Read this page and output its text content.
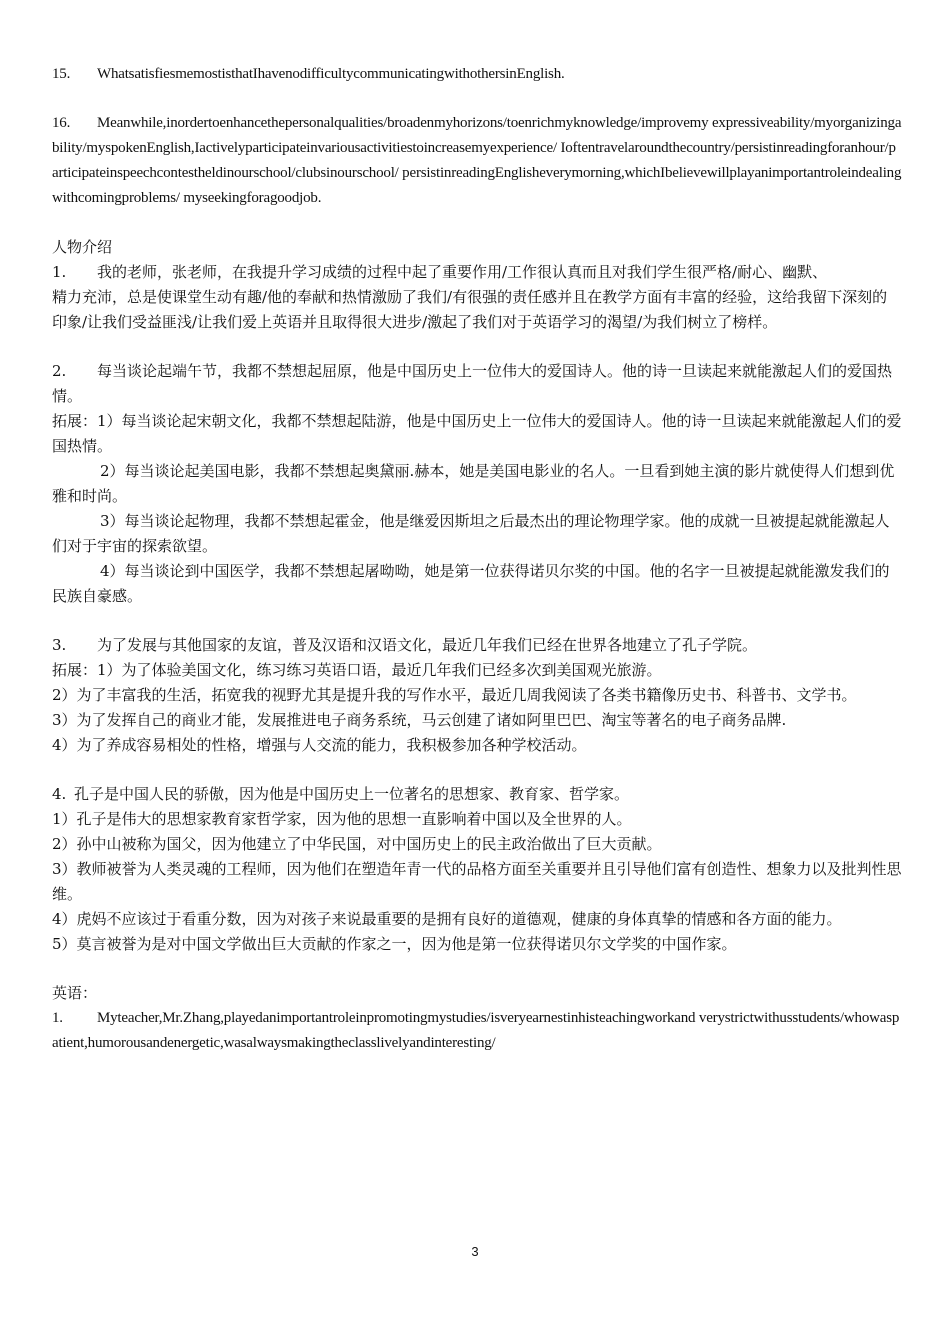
15. WhatsatisfiesmemostisthatIhavenodifficultycommunicatingwithothersinEnglish.

16. Meanwhile,inordertoenhancethepersonalqualities/broadenmyhorizons/toenrichmyknowledge/improvemy expressiveability/myorganizingability/myspokenEnglish,Iactivelyparticipateinvariousactivitiestoincreasemyexperience/ Ioftentravelaroundthecountry/persistinreadingforanhour/participateinspeechcontestheldinourschool/clubsinourschool/ persistinreadingEnglisheverymorning,whichIbelievewillplayanimportantroleindealingwithcomingproblems/ myseekingforagoodjob.

人物介绍

1. 我的老师，张老师，在我提升学习成绩的过程中起了重要作用/工作很认真而且对我们学生很严格/耐心、幽默、

精力充沛，总是使课堂生动有趣/他的奉献和热情激励了我们/有很强的责任感并且在教学方面有丰富的经验，这给我留下深刻的印象/让我们受益匪浅/让我们爱上英语并且取得很大进步/激起了我们对于英语学习的渴望/为我们树立了榜样。

2. 每当谈论起端午节，我都不禁想起屈原，他是中国历史上一位伟大的爱国诗人。他的诗一旦读起来就能激起人们的爱国热情。

拓展：1）每当谈论起宋朝文化，我都不禁想起陆游，他是中国历史上一位伟大的爱国诗人。他的诗一旦读起来就能激起人们的爱国热情。

2）每当谈论起美国电影，我都不禁想起奥黛丽.赫本，她是美国电影业的名人。一旦看到她主演的影片就使得人们想到优雅和时尚。

3）每当谈论起物理，我都不禁想起霍金，他是继爱因斯坦之后最杰出的理论物理学家。他的成就一旦被提起就能激起人们对于宇宙的探索欲望。

4）每当谈论到中国医学，我都不禁想起屠呦呦，她是第一位获得诺贝尔奖的中国。他的名字一旦被提起就能激发我们的民族自豪感。

3. 为了发展与其他国家的友谊，普及汉语和汉语文化，最近几年我们已经在世界各地建立了孔子学院。

拓展：1）为了体验美国文化，练习练习英语口语，最近几年我们已经多次到美国观光旅游。

2）为了丰富我的生活，拓宽我的视野尤其是提升我的写作水平，最近几周我阅读了各类书籍像历史书、科普书、文学书。

3）为了发挥自己的商业才能，发展推进电子商务系统，马云创建了诸如阿里巴巴、淘宝等著名的电子商务品牌.

4）为了养成容易相处的性格，增强与人交流的能力，我积极参加各种学校活动。

4. 孔子是中国人民的骄傲，因为他是中国历史上一位著名的思想家、教育家、哲学家。

1）孔子是伟大的思想家教育家哲学家，因为他的思想一直影响着中国以及全世界的人。

2）孙中山被称为国父，因为他建立了中华民国，对中国历史上的民主政治做出了巨大贡献。

3）教师被誉为人类灵魂的工程师，因为他们在塑造年青一代的品格方面至关重要并且引导他们富有创造性、想象力以及批判性思维。

4）虎妈不应该过于看重分数，因为对孩子来说最重要的是拥有良好的道德观，健康的身体真挚的情感和各方面的能力。

5）莫言被誉为是对中国文学做出巨大贡献的作家之一，因为他是第一位获得诺贝尔文学奖的中国作家。

英语：

1. Myteacher,Mr.Zhang,playedanimportantroleinpromotingmystudies/isveryearnestinhisteachingworkand verystrictwithusstudents/whowaspatient,humorousandenergetic,wasalwaysmakingtheclasslivelyandinteresting/

3
